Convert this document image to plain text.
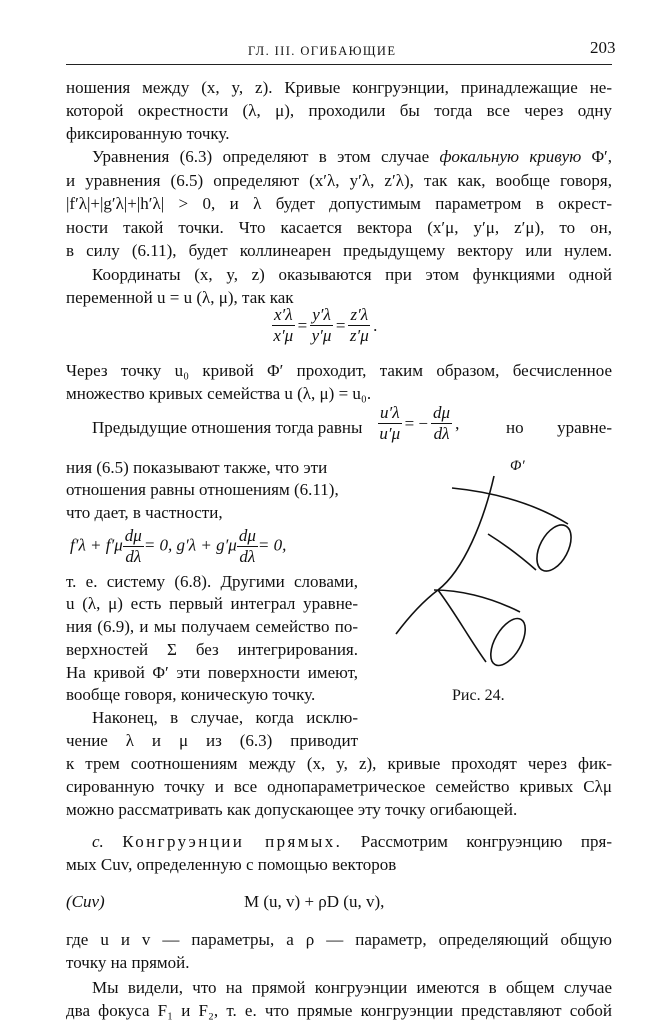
ГЛ. III. ОГИБАЮЩИЕ	203
ношения между (x, y, z). Кривые конгруэнции, принадлежащие не-
которой окрестности (λ, μ), проходили бы тогда все через одну
фиксированную точку.
Уравнения (6.3) определяют в этом случае фокальную кривую Φ′,
и уравнения (6.5) определяют (x′λ, y′λ, z′λ), так как, вообще говоря,
|f′λ|+|g′λ|+|h′λ| > 0, и λ будет допустимым параметром в окрест-
ности такой точки. Что касается вектора (x′μ, y′μ, z′μ), то он,
в силу (6.11), будет коллинеарен предыдущему вектору или нулем.
Координаты (x, y, z) оказываются при этом функциями одной
переменной u = u (λ, μ), так как
$\frac{x'\lambda}{x'\mu} = \frac{y'\lambda}{y'\mu} = \frac{z'\lambda}{z'\mu}$ .
Через точку u₀ кривой Φ′ проходит, таким образом, бесчисленное
множество кривых семейства u (λ, μ) = u₀.
Предыдущие отношения тогда равны $\frac{u'\lambda}{u'\mu}$ = − $\frac{d\mu}{d\lambda}$ ,	но уравне-
ния (6.5) показывают также, что эти
отношения равны отношениям (6.11),
что дает, в частности,
$f'\lambda + f'\mu \frac{d\mu}{d\lambda} = 0$, $g'\lambda + g'\mu \frac{d\mu}{d\lambda} = 0$,
т. е. систему (6.8). Другими словами,
u (λ, μ) есть первый интеграл уравне-
ния (6.9), и мы получаем семейство по-
верхностей Σ без интегрирования.
На кривой Φ′ эти поверхности имеют,
вообще говоря, коническую точку.
Наконец, в случае, когда исклю-
чение λ и μ из (6.3) приводит
Φ′
Рис. 24.
к трем соотношениям между (x, y, z), кривые проходят через фик-
сированную точку и все однопараметрическое семейство кривых Cλμ
можно рассматривать как допускающее эту точку огибающей.
c. Конгруэнции прямых. Рассмотрим конгруэнцию пря-
мых Cuv, определенную с помощью векторов
(Cuv)	M (u, v) + ρD (u, v),
где u и v — параметры, а ρ — параметр, определяющий общую
точку на прямой.
Мы видели, что на прямой конгруэнции имеются в общем случае
два фокуса F₁ и F₂, т. е. что прямые конгруэнции представляют собой
